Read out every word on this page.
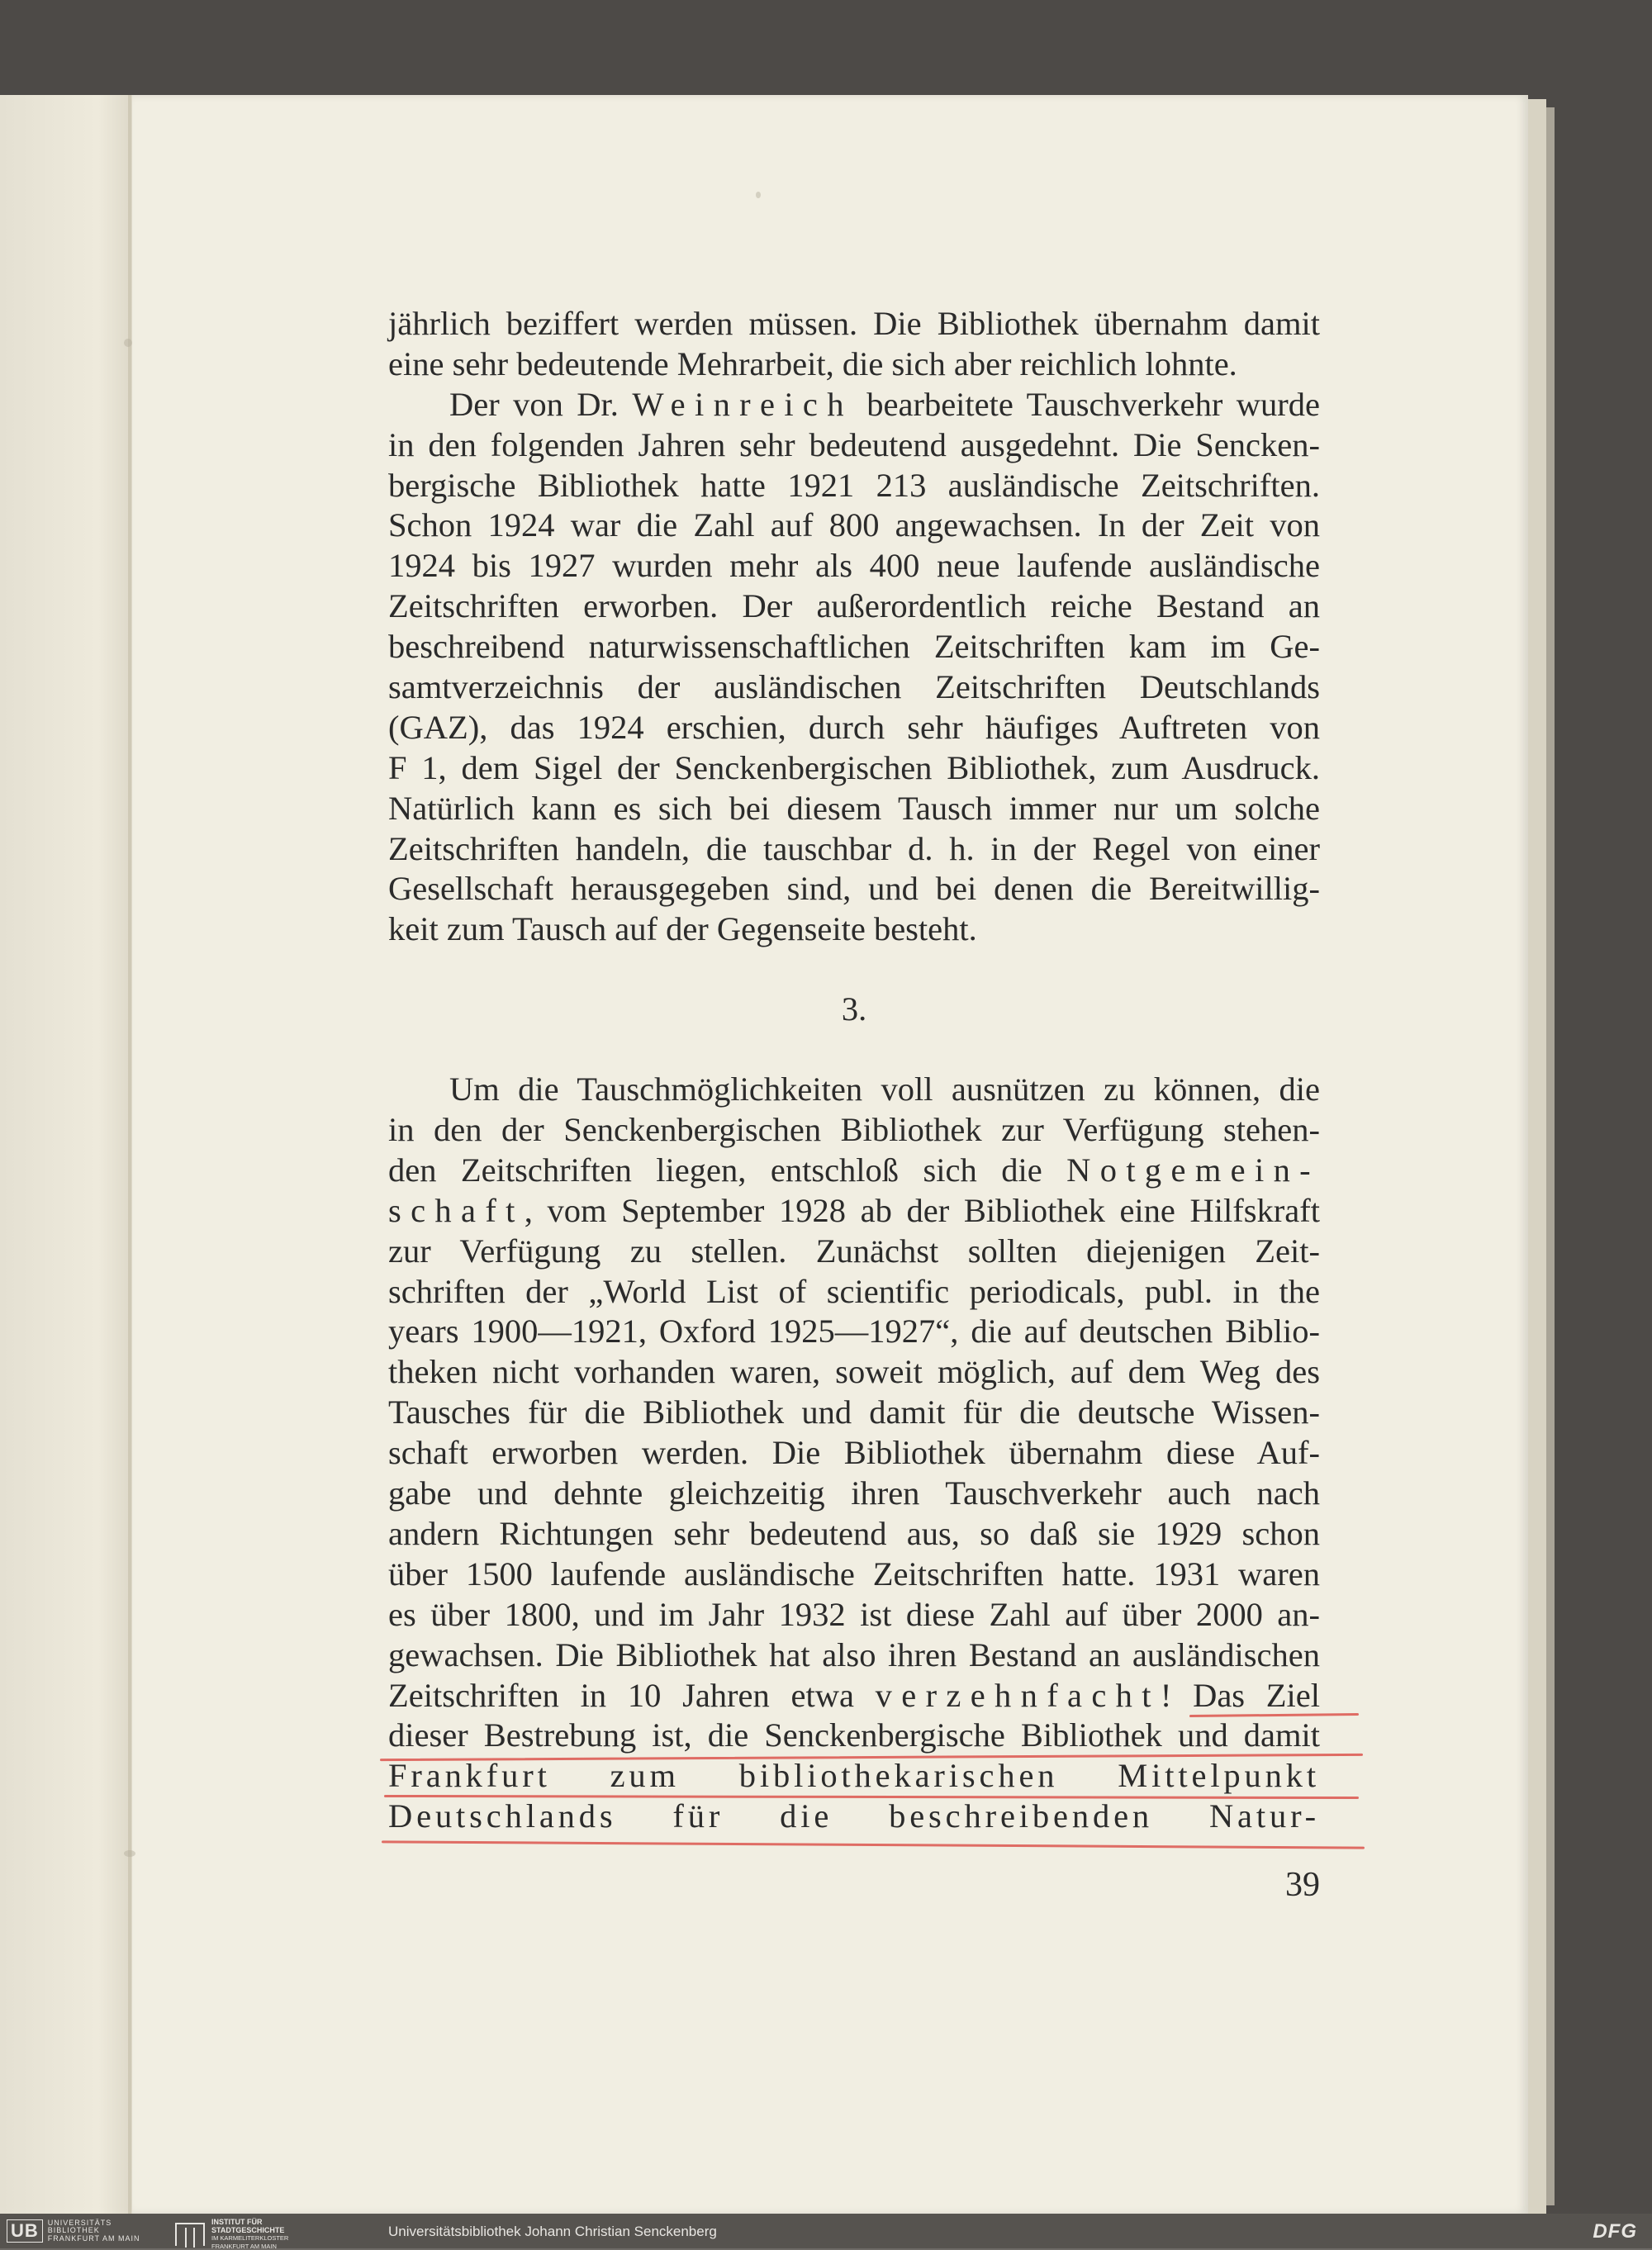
jährlich beziffert werden müssen. Die Bibliothek übernahm damit
eine sehr bedeutende Mehrarbeit, die sich aber reichlich lohnte.
Der von Dr. Weinreich bearbeitete Tauschverkehr wurde
in den folgenden Jahren sehr bedeutend ausgedehnt. Die Sencken-
bergische Bibliothek hatte 1921 213 ausländische Zeitschriften.
Schon 1924 war die Zahl auf 800 angewachsen. In der Zeit von
1924 bis 1927 wurden mehr als 400 neue laufende ausländische
Zeitschriften erworben. Der außerordentlich reiche Bestand an
beschreibend naturwissenschaftlichen Zeitschriften kam im Ge-
samtverzeichnis der ausländischen Zeitschriften Deutschlands
(GAZ), das 1924 erschien, durch sehr häufiges Auftreten von
F 1, dem Sigel der Senckenbergischen Bibliothek, zum Ausdruck.
Natürlich kann es sich bei diesem Tausch immer nur um solche
Zeitschriften handeln, die tauschbar d. h. in der Regel von einer
Gesellschaft herausgegeben sind, und bei denen die Bereitwillig-
keit zum Tausch auf der Gegenseite besteht.
3.
Um die Tauschmöglichkeiten voll ausnützen zu können, die
in den der Senckenbergischen Bibliothek zur Verfügung stehen-
den Zeitschriften liegen, entschloß sich die Notgemein-
schaft, vom September 1928 ab der Bibliothek eine Hilfskraft
zur Verfügung zu stellen. Zunächst sollten diejenigen Zeit-
schriften der „World List of scientific periodicals, publ. in the
years 1900—1921, Oxford 1925—1927“, die auf deutschen Biblio-
theken nicht vorhanden waren, soweit möglich, auf dem Weg des
Tausches für die Bibliothek und damit für die deutsche Wissen-
schaft erworben werden. Die Bibliothek übernahm diese Auf-
gabe und dehnte gleichzeitig ihren Tauschverkehr auch nach
andern Richtungen sehr bedeutend aus, so daß sie 1929 schon
über 1500 laufende ausländische Zeitschriften hatte. 1931 waren
es über 1800, und im Jahr 1932 ist diese Zahl auf über 2000 an-
gewachsen. Die Bibliothek hat also ihren Bestand an ausländischen
Zeitschriften in 10 Jahren etwa verzehnfacht! Das Ziel
dieser Bestrebung ist, die Senckenbergische Bibliothek und damit
Frankfurt zum bibliothekarischen Mittelpunkt
Deutschlands für die beschreibenden Natur-
39
UB	UNIVERSITÄTS
BIBLIOTHEK
FRANKFURT AM MAIN
INSTITUT FÜR
STADTGESCHICHTE
IM KARMELITERKLOSTER
FRANKFURT AM MAIN
Universitätsbibliothek Johann Christian Senckenberg	DFG
